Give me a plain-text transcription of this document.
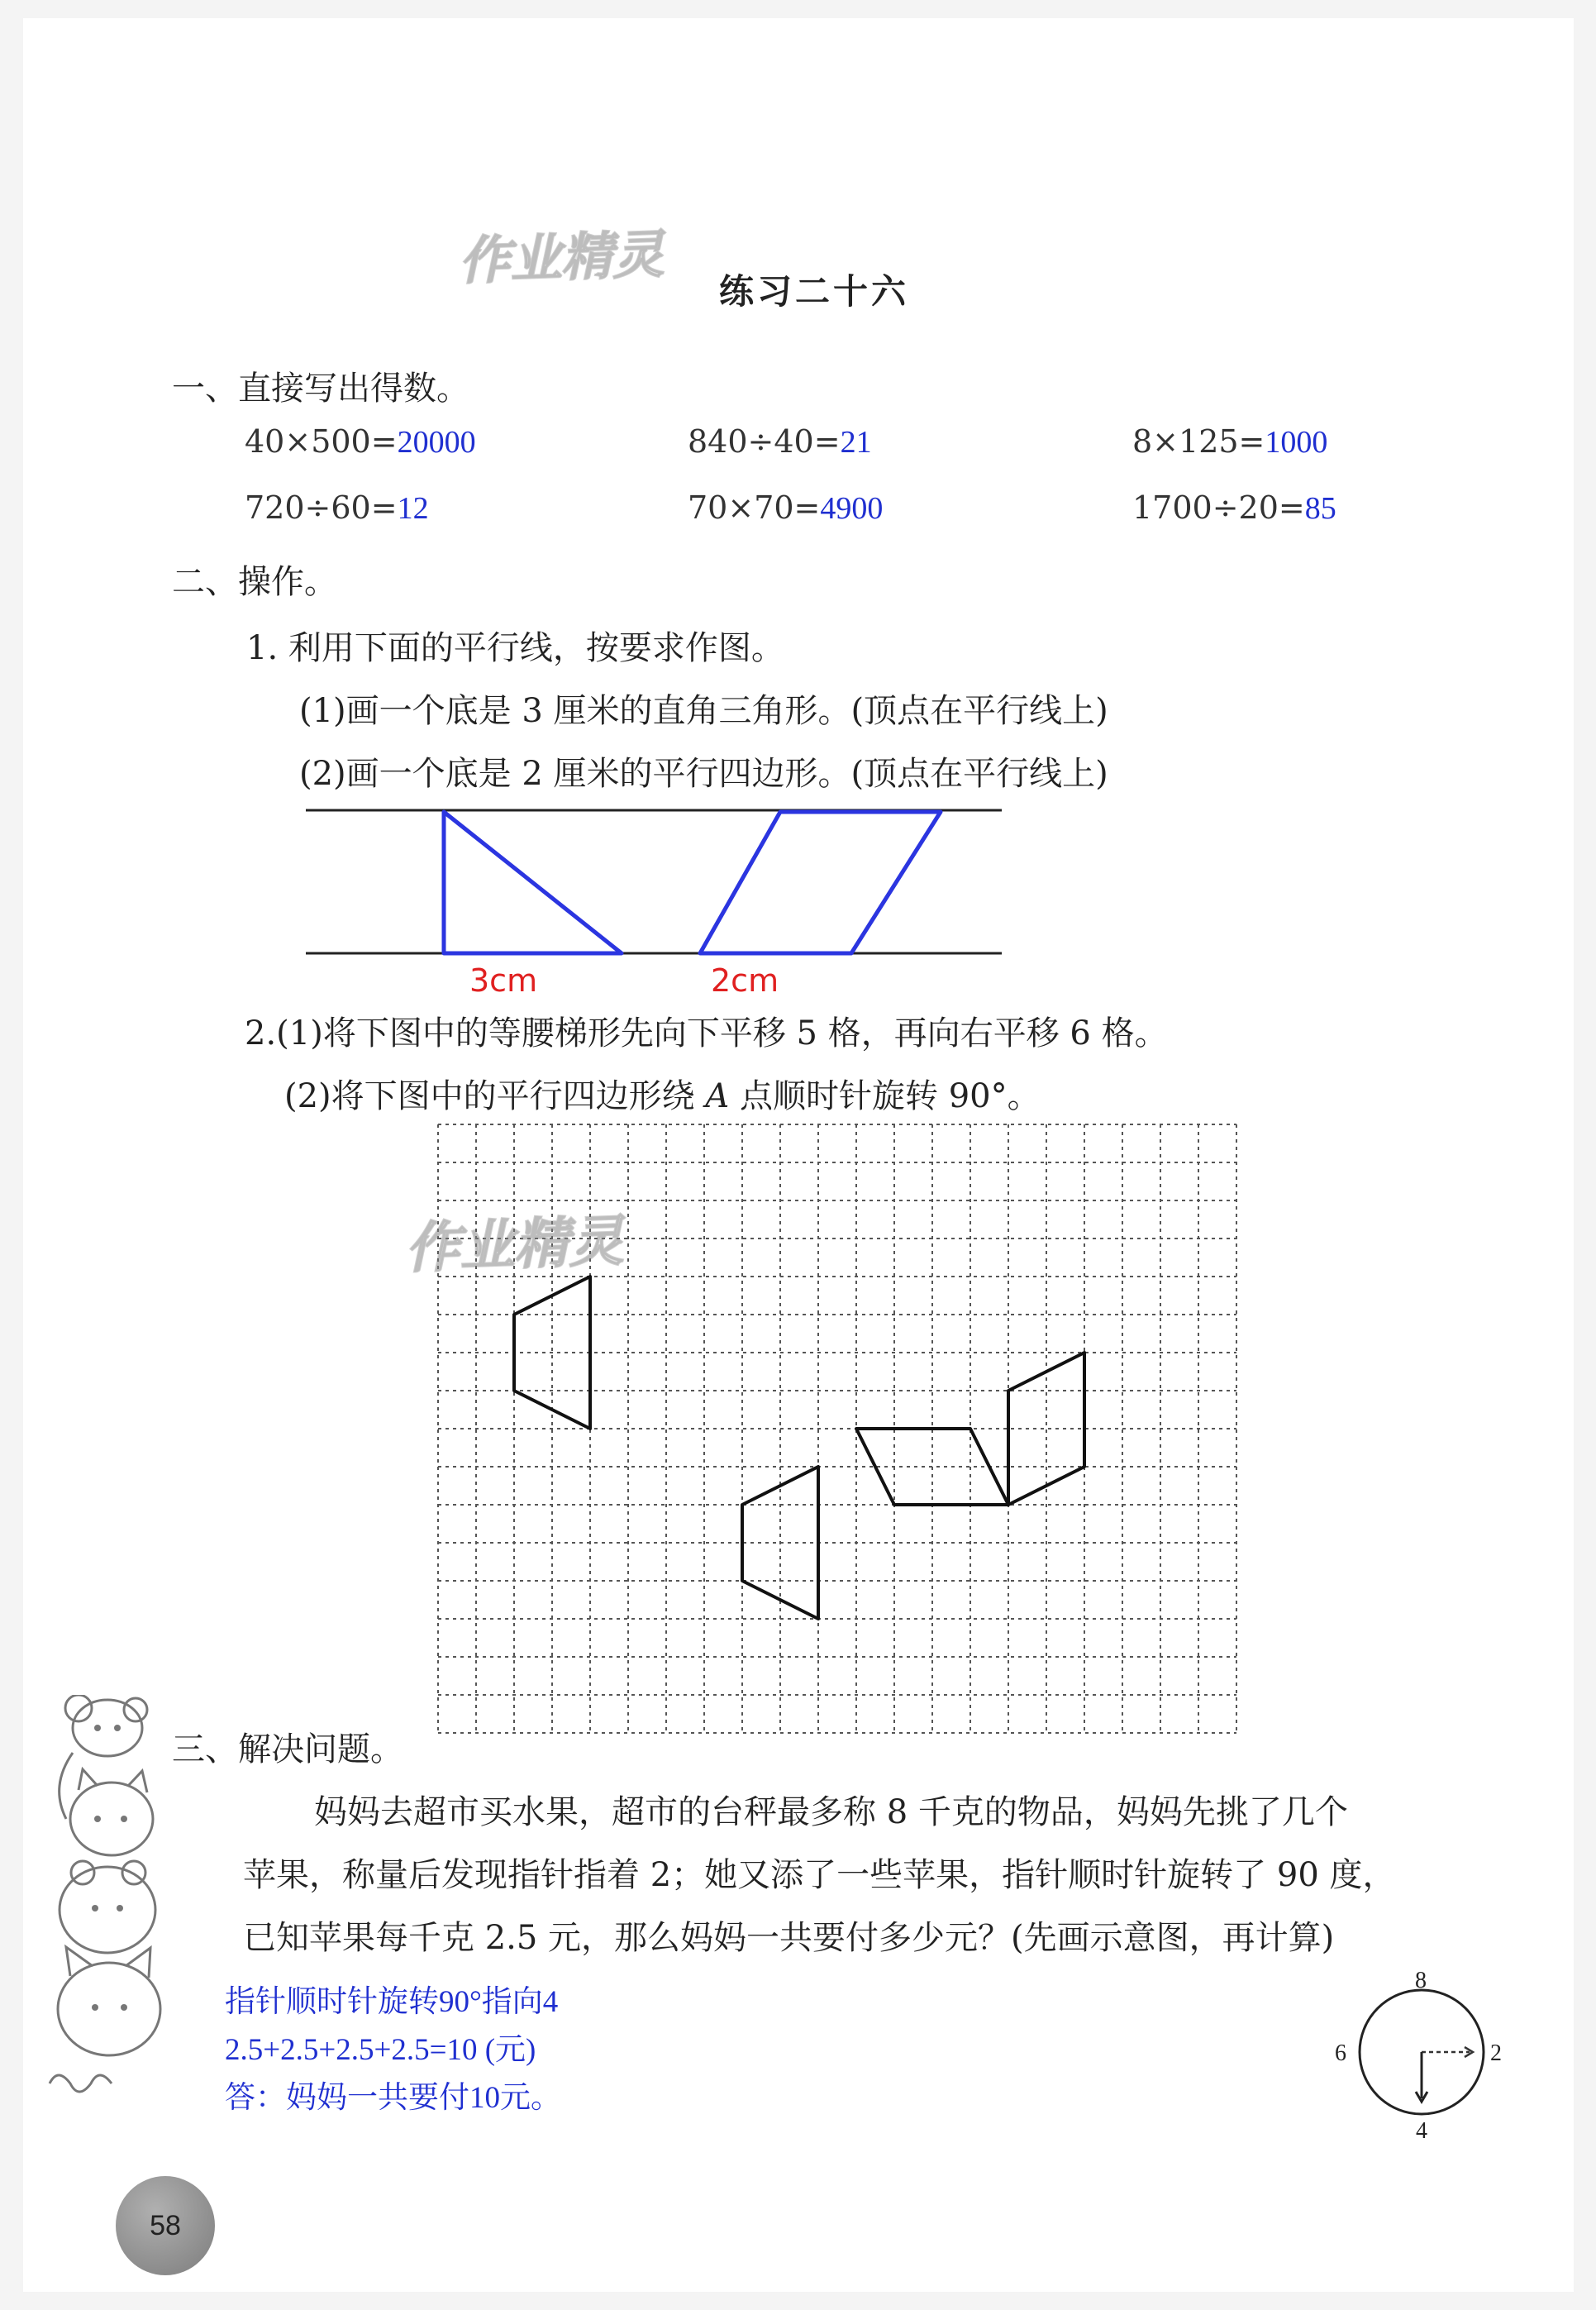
作业精灵
练习二十六
一、直接写出得数。
40×500=20000	840÷40=21	8×125=1000
720÷60=12	70×70=4900	1700÷20=85
二、操作。
1. 利用下面的平行线，按要求作图。
(1)画一个底是 3 厘米的直角三角形。(顶点在平行线上)
(2)画一个底是 2 厘米的平行四边形。(顶点在平行线上)
3cm	2cm
2.(1)将下图中的等腰梯形先向下平移 5 格，再向右平移 6 格。
(2)将下图中的平行四边形绕 A 点顺时针旋转 90°。
作业精灵
三、解决问题。
妈妈去超市买水果，超市的台秤最多称 8 千克的物品，妈妈先挑了几个
苹果，称量后发现指针指着 2；她又添了一些苹果，指针顺时针旋转了 90 度，
已知苹果每千克 2.5 元，那么妈妈一共要付多少元？(先画示意图，再计算)
指针顺时针旋转90°指向4
2.5+2.5+2.5+2.5=10 (元)
答：妈妈一共要付10元。
8
2
4
6
58
